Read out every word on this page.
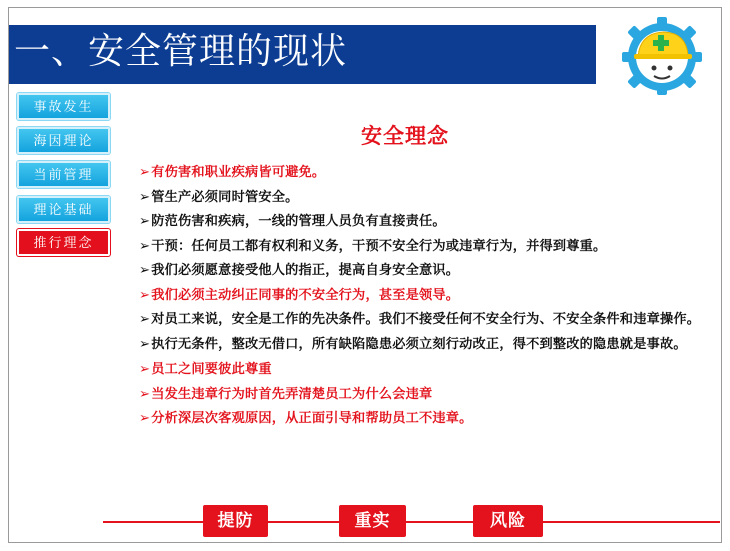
一、安全管理的现状
事故发生
海因理论
当前管理
理论基础
推行理念
安全理念
➢有伤害和职业疾病皆可避免。
➢管生产必须同时管安全。
➢防范伤害和疾病，一线的管理人员负有直接责任。
➢干预：任何员工都有权利和义务，干预不安全行为或违章行为，并得到尊重。
➢我们必须愿意接受他人的指正，提高自身安全意识。
➢我们必须主动纠正同事的不安全行为，甚至是领导。
➢对员工来说，安全是工作的先决条件。我们不接受任何不安全行为、不安全条件和违章操作。
➢执行无条件，整改无借口，所有缺陷隐患必须立刻行动改正，得不到整改的隐患就是事故。
➢员工之间要彼此尊重
➢当发生违章行为时首先弄清楚员工为什么会违章
➢分析深层次客观原因，从正面引导和帮助员工不违章。
提防	重实	风险
